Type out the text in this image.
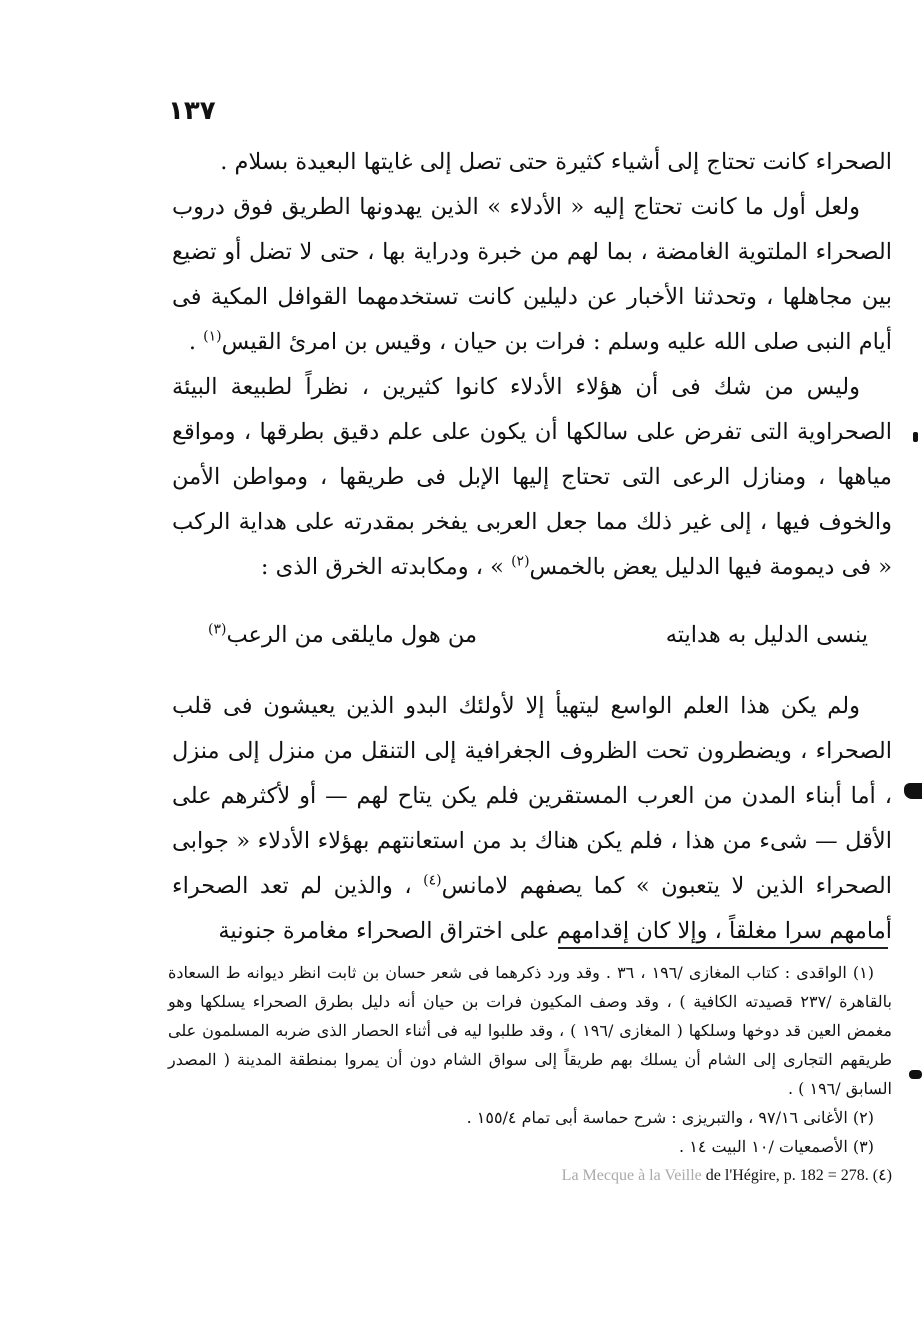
١٣٧

الصحراء كانت تحتاج إلى أشياء كثيرة حتى تصل إلى غايتها البعيدة بسلام .

ولعل أول ما كانت تحتاج إليه « الأدلاء » الذين يهدونها الطريق فوق دروب الصحراء الملتوية الغامضة ، بما لهم من خبرة ودراية بها ، حتى لا تضل أو تضيع بين مجاهلها ، وتحدثنا الأخبار عن دليلين كانت تستخدمهما القوافل المكية فى أيام النبى صلى الله عليه وسلم : فرات بن حيان ، وقيس بن امرئ القيس$^{(١)}$ .

وليس من شك فى أن هؤلاء الأدلاء كانوا كثيرين ، نظراً لطبيعة البيئة الصحراوية التى تفرض على سالكها أن يكون على علم دقيق بطرقها ، ومواقع مياهها ، ومنازل الرعى التى تحتاج إليها الإبل فى طريقها ، ومواطن الأمن والخوف فيها ، إلى غير ذلك مما جعل العربى يفخر بمقدرته على هداية الركب « فى ديمومة فيها الدليل يعض بالخمس$^{(٢)}$ » ، ومكابدته الخرق الذى :

ينسى الدليل به هدايته
من هول مايلقى من الرعب$^{(٣)}$

ولم يكن هذا العلم الواسع ليتهيأ إلا لأولئك البدو الذين يعيشون فى قلب الصحراء ، ويضطرون تحت الظروف الجغرافية إلى التنقل من منزل إلى منزل ، أما أبناء المدن من العرب المستقرين فلم يكن يتاح لهم — أو لأكثرهم على الأقل — شىء من هذا ، فلم يكن هناك بد من استعانتهم بهؤلاء الأدلاء « جوابى الصحراء الذين لا يتعبون » كما يصفهم لامانس$^{(٤)}$ ، والذين لم تعد الصحراء أمامهم سرا مغلقاً ، وإلا كان إقدامهم على اختراق الصحراء مغامرة جنونية

(١) الواقدى : كتاب المغازى /١٩٦ ، ٣٦ . وقد ورد ذكرهما فى شعر حسان بن ثابت انظر ديوانه ط السعادة بالقاهرة /٢٣٧ قصيدته الكافية ) ، وقد وصف المكيون فرات بن حيان أنه دليل بطرق الصحراء يسلكها وهو مغمض العين قد دوخها وسلكها ( المغازى /١٩٦ ) ، وقد طلبوا ليه فى أثناء الحصار الذى ضربه المسلمون على طريقهم التجارى إلى الشام أن يسلك بهم طريقاً إلى سواق الشام دون أن يمروا بمنطقة المدينة ( المصدر السابق /١٩٦ ) .

(٢) الأغانى ٩٧/١٦ ، والتبريزى : شرح حماسة أبى تمام ١٥٥/٤ .

(٣) الأصمعيات /١٠ البيت ١٤ .

La Mecque à la Veille de l'Hégire, p. 182 = 278. (٤)
